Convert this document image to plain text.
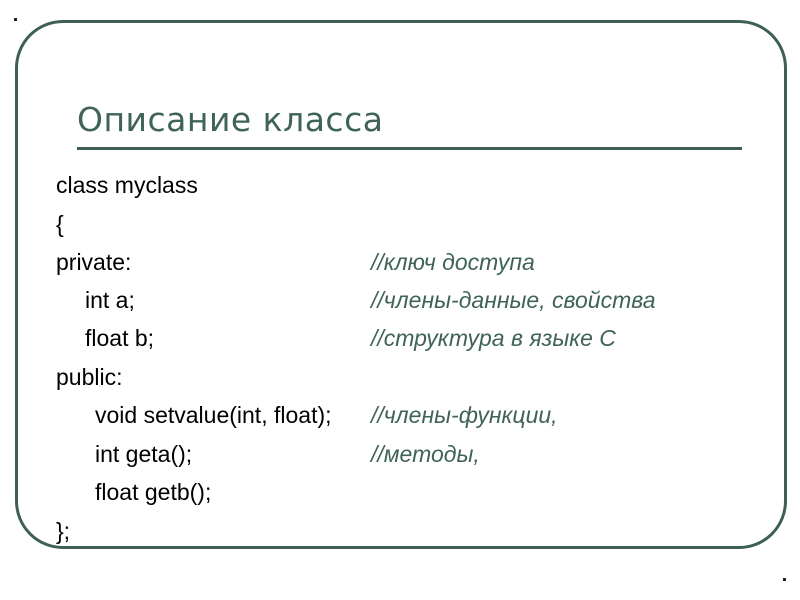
Описание класса
class myclass
{
private:
int a;
float b;
public:
void setvalue(int, float);
int geta();
float getb();
};
//ключ доступа
//члены-данные, свойства
//структура в языке С
//члены-функции,
//методы,
